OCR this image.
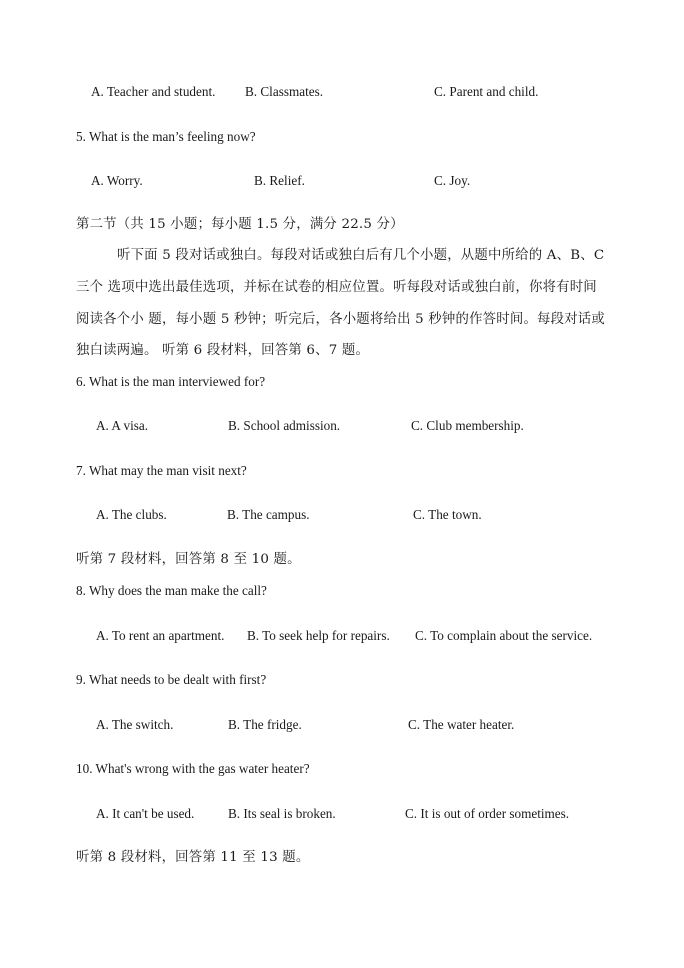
A. Teacher and student. B. Classmates.	C. Parent and child.
5. What is the man’s feeling now?
A. Worry.	B. Relief.	C. Joy.
第二节（共 15 小题；每小题 1.5 分，满分 22.5 分）
听下面 5 段对话或独白。每段对话或独白后有几个小题，从题中所给的 A、B、C
三个 选项中选出最佳选项，并标在试卷的相应位置。听每段对话或独白前，你将有时间
阅读各个小 题，每小题 5 秒钟；听完后，各小题将给出 5 秒钟的作答时间。每段对话或
独白读两遍。 听第 6 段材料，回答第 6、7 题。
6. What is the man interviewed for?
A. A visa.	B. School admission.	C. Club membership.
7. What may the man visit next?
A. The clubs.	B. The campus.	C. The town.
听第 7 段材料，回答第 8 至 10 题。
8. Why does the man make the call?
A. To rent an apartment. B. To seek help for repairs. C. To complain about the service.
9. What needs to be dealt with first?
A. The switch.	B. The fridge.	C. The water heater.
10. What's wrong with the gas water heater?
A. It can't be used.	B. Its seal is broken.	C. It is out of order sometimes.
听第 8 段材料，回答第 11 至 13 题。
